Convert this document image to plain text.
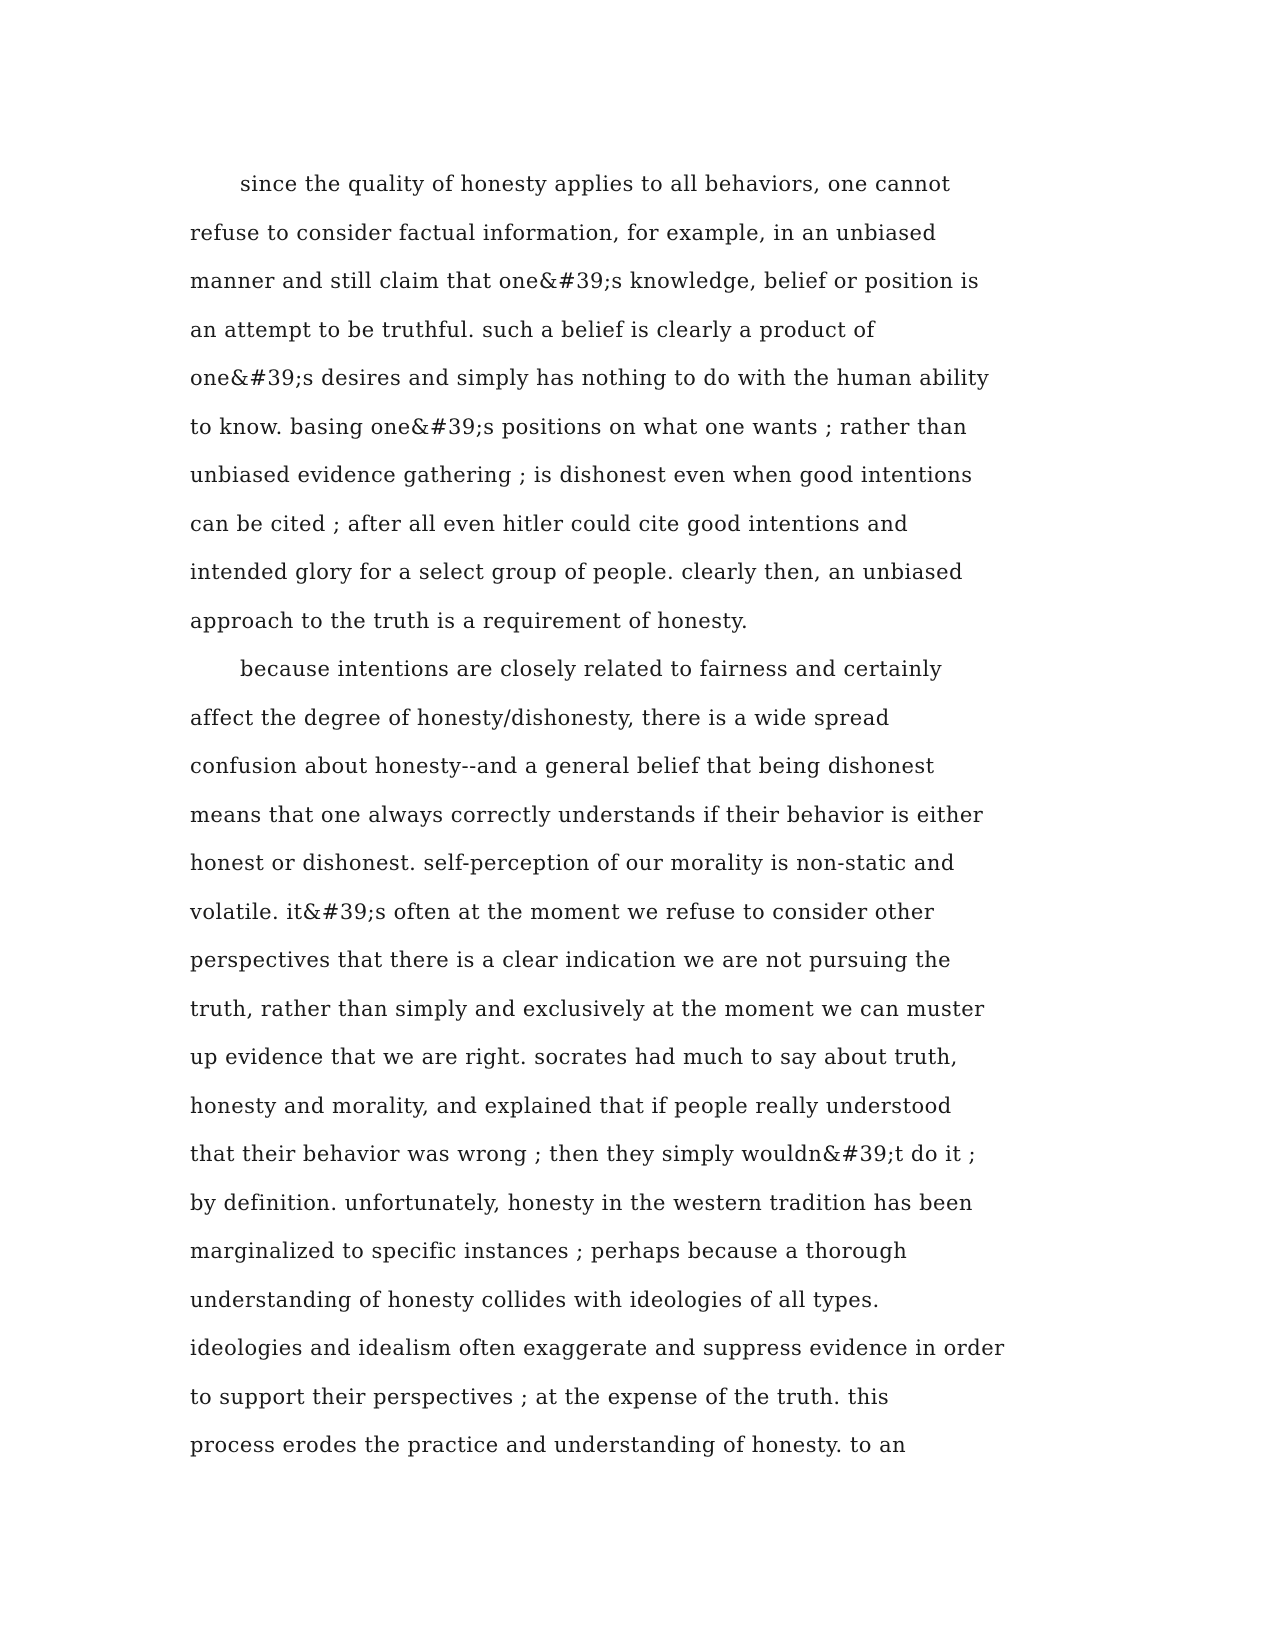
since the quality of honesty applies to all behaviors, one cannot
refuse to consider factual information, for example, in an unbiased
manner and still claim that one&#39;s knowledge, belief or position is
an attempt to be truthful. such a belief is clearly a product of
one&#39;s desires and simply has nothing to do with the human ability
to know. basing one&#39;s positions on what one wants ; rather than
unbiased evidence gathering ; is dishonest even when good intentions
can be cited ; after all even hitler could cite good intentions and
intended glory for a select group of people. clearly then, an unbiased
approach to the truth is a requirement of honesty.
because intentions are closely related to fairness and certainly
affect the degree of honesty/dishonesty, there is a wide spread
confusion about honesty--and a general belief that being dishonest
means that one always correctly understands if their behavior is either
honest or dishonest. self-perception of our morality is non-static and
volatile. it&#39;s often at the moment we refuse to consider other
perspectives that there is a clear indication we are not pursuing the
truth, rather than simply and exclusively at the moment we can muster
up evidence that we are right. socrates had much to say about truth,
honesty and morality, and explained that if people really understood
that their behavior was wrong ; then they simply wouldn&#39;t do it ;
by definition. unfortunately, honesty in the western tradition has been
marginalized to specific instances ; perhaps because a thorough
understanding of honesty collides with ideologies of all types.
ideologies and idealism often exaggerate and suppress evidence in order
to support their perspectives ; at the expense of the truth. this
process erodes the practice and understanding of honesty. to an
